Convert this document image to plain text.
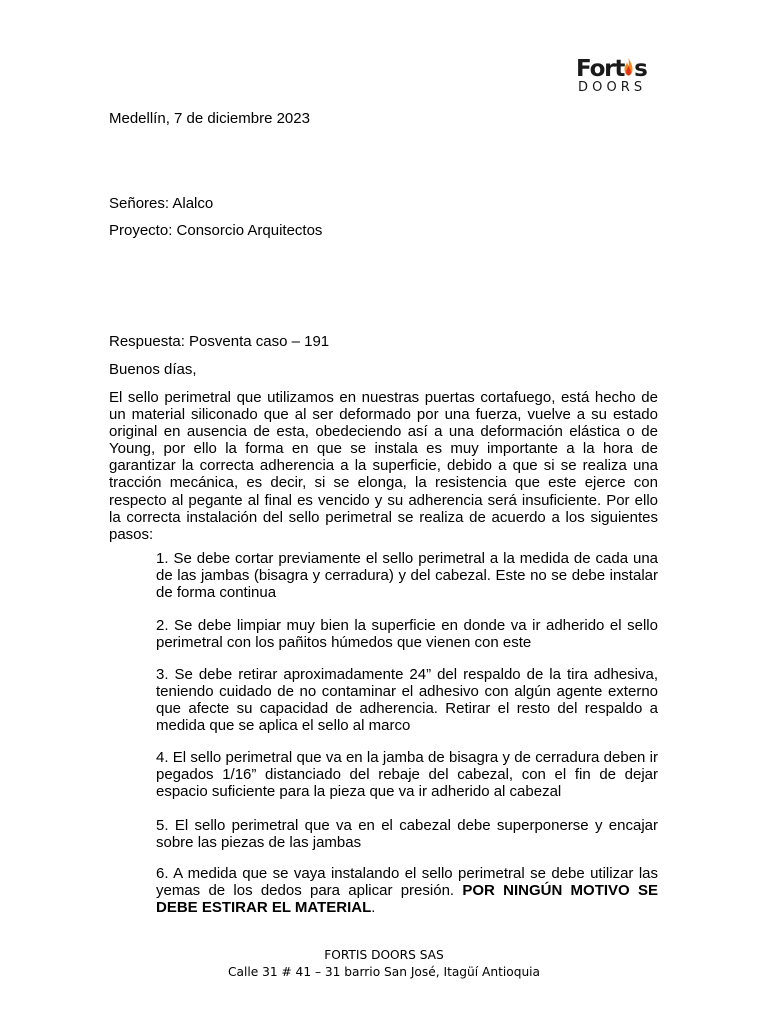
Fort s
DOORS
Medellín, 7 de diciembre 2023
Señores: Alalco
Proyecto: Consorcio Arquitectos
Respuesta: Posventa caso – 191
Buenos días,

El sello perimetral que utilizamos en nuestras puertas cortafuego, está hecho de un material siliconado que al ser deformado por una fuerza, vuelve a su estado original en ausencia de esta, obedeciendo así a una deformación elástica o de Young, por ello la forma en que se instala es muy importante a la hora de garantizar la correcta adherencia a la superficie, debido a que si se realiza una tracción mecánica, es decir, si se elonga, la resistencia que este ejerce con respecto al pegante al final es vencido y su adherencia será insuficiente. Por ello la correcta instalación del sello perimetral se realiza de acuerdo a los siguientes pasos:

1. Se debe cortar previamente el sello perimetral a la medida de cada una de las jambas (bisagra y cerradura) y del cabezal. Este no se debe instalar de forma continua

2. Se debe limpiar muy bien la superficie en donde va ir adherido el sello perimetral con los pañitos húmedos que vienen con este

3. Se debe retirar aproximadamente 24” del respaldo de la tira adhesiva, teniendo cuidado de no contaminar el adhesivo con algún agente externo que afecte su capacidad de adherencia. Retirar el resto del respaldo a medida que se aplica el sello al marco

4. El sello perimetral que va en la jamba de bisagra y de cerradura deben ir pegados 1/16” distanciado del rebaje del cabezal, con el fin de dejar espacio suficiente para la pieza que va ir adherido al cabezal

5. El sello perimetral que va en el cabezal debe superponerse y encajar sobre las piezas de las jambas

6. A medida que se vaya instalando el sello perimetral se debe utilizar las yemas de los dedos para aplicar presión. POR NINGÚN MOTIVO SE DEBE ESTIRAR EL MATERIAL.

FORTIS DOORS SAS
Calle 31 # 41 – 31 barrio San José, Itagüí Antioquia
